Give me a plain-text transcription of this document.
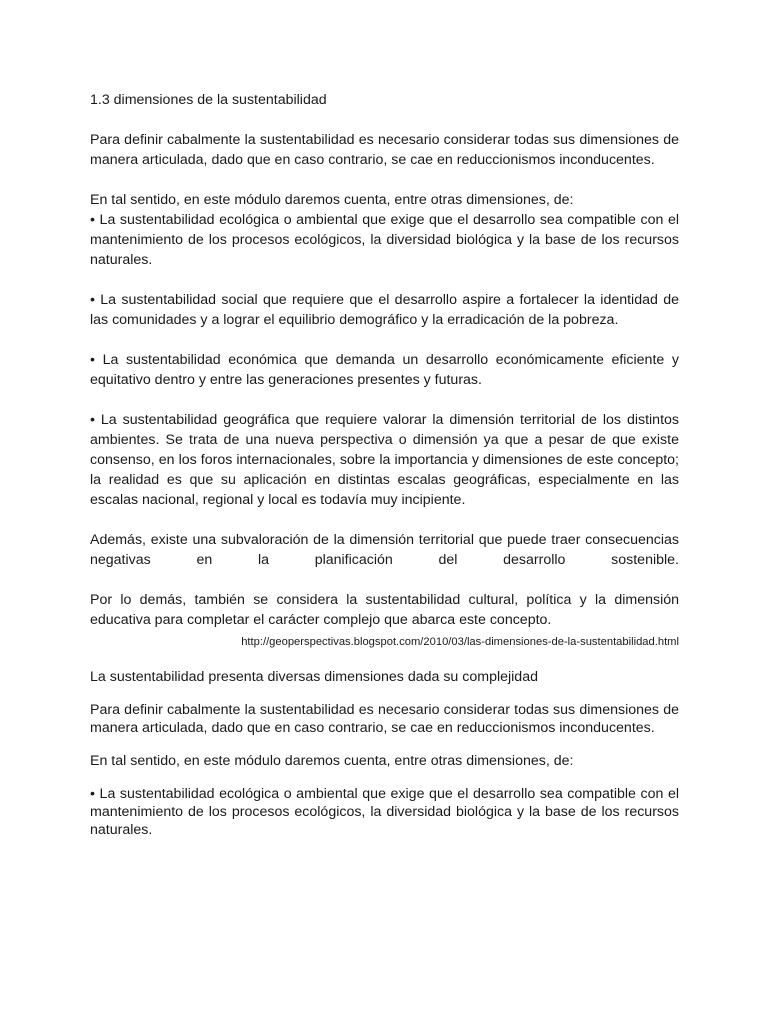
1.3 dimensiones de la sustentabilidad

Para definir cabalmente la sustentabilidad es necesario considerar todas sus dimensiones de manera articulada, dado que en caso contrario, se cae en reduccionismos inconducentes.

En tal sentido, en este módulo daremos cuenta, entre otras dimensiones, de:

• La sustentabilidad ecológica o ambiental que exige que el desarrollo sea compatible con el mantenimiento de los procesos ecológicos, la diversidad biológica y la base de los recursos naturales.

• La sustentabilidad social que requiere que el desarrollo aspire a fortalecer la identidad de las comunidades y a lograr el equilibrio demográfico y la erradicación de la pobreza.

• La sustentabilidad económica que demanda un desarrollo económicamente eficiente y equitativo dentro y entre las generaciones presentes y futuras.

• La sustentabilidad geográfica que requiere valorar la dimensión territorial de los distintos ambientes. Se trata de una nueva perspectiva o dimensión ya que a pesar de que existe consenso, en los foros internacionales, sobre la importancia y dimensiones de este concepto; la realidad es que su aplicación en distintas escalas geográficas, especialmente en las escalas nacional, regional y local es todavía muy incipiente.

Además, existe una subvaloración de la dimensión territorial que puede traer consecuencias negativas en la planificación del desarrollo sostenible.

Por lo demás, también se considera la sustentabilidad cultural, política y la dimensión educativa para completar el carácter complejo que abarca este concepto.

http://geoperspectivas.blogspot.com/2010/03/las-dimensiones-de-la-sustentabilidad.html

La sustentabilidad presenta diversas dimensiones dada su complejidad

Para definir cabalmente la sustentabilidad es necesario considerar todas sus dimensiones de manera articulada, dado que en caso contrario, se cae en reduccionismos inconducentes.

En tal sentido, en este módulo daremos cuenta, entre otras dimensiones, de:

• La sustentabilidad ecológica o ambiental que exige que el desarrollo sea compatible con el mantenimiento de los procesos ecológicos, la diversidad biológica y la base de los recursos naturales.
